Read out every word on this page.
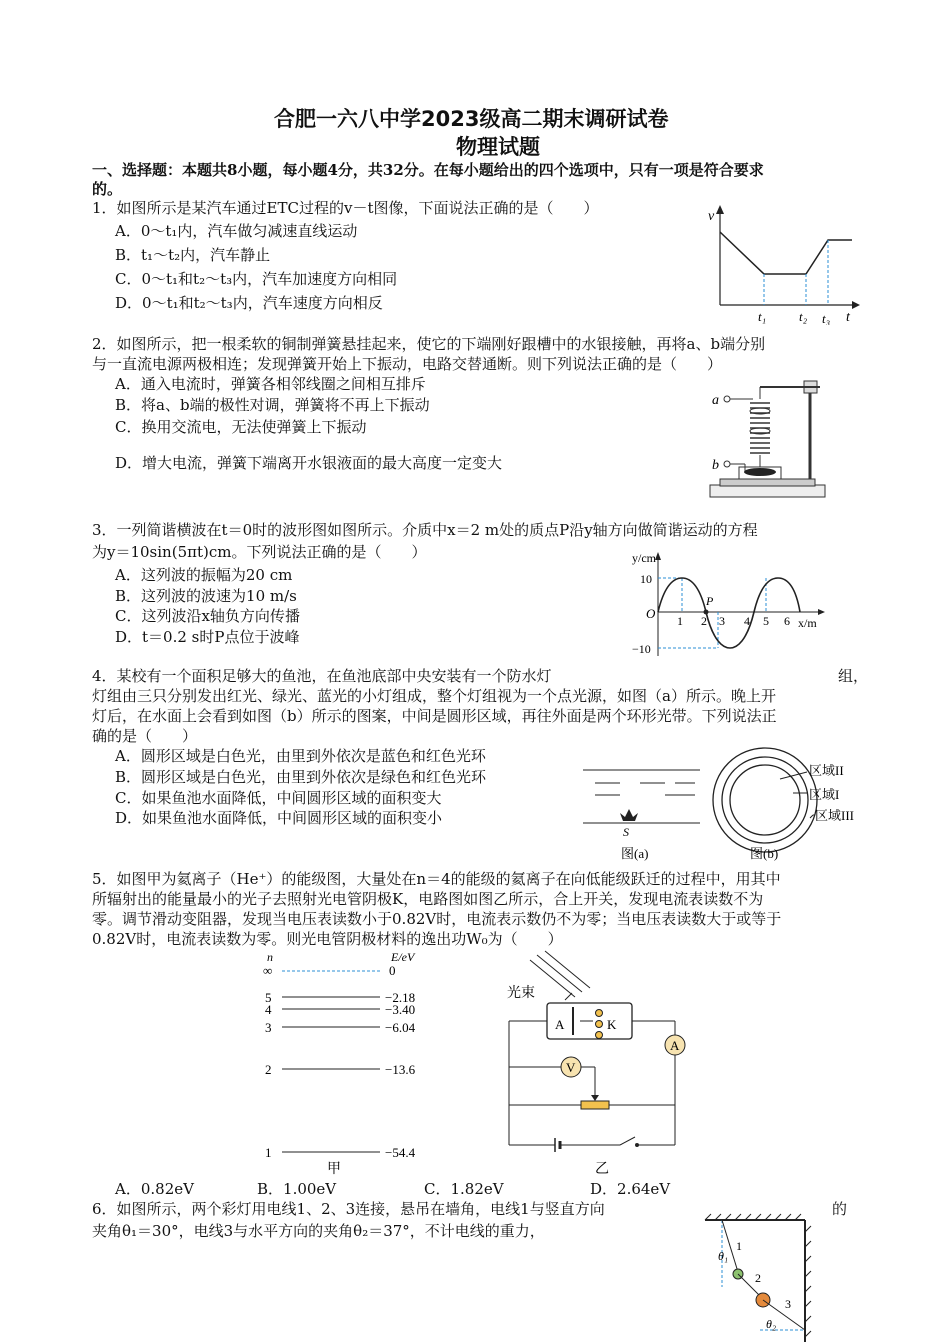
合肥一六八中学2023级高二期末调研试卷
物理试题
一、选择题：本题共8小题，每小题4分，共32分。在每小题给出的四个选项中，只有一项是符合要求
的。
1．如图所示是某汽车通过ETC过程的v－t图像，下面说法正确的是（　　）
A．0～t₁内，汽车做匀减速直线运动
B．t₁～t₂内，汽车静止
C．0～t₁和t₂～t₃内，汽车加速度方向相同
D．0～t₁和t₂～t₃内，汽车速度方向相反
v
t
t₁	t₂ t₃
2．如图所示，把一根柔软的铜制弹簧悬挂起来，使它的下端刚好跟槽中的水银接触，再将a、b端分别
与一直流电源两极相连；发现弹簧开始上下振动，电路交替通断。则下列说法正确的是（　　）
A．通入电流时，弹簧各相邻线圈之间相互排斥
B．将a、b端的极性对调，弹簧将不再上下振动
C．换用交流电，无法使弹簧上下振动
D．增大电流，弹簧下端离开水银液面的最大高度一定变大
a
b
3．一列简谐横波在t＝0时的波形图如图所示。介质中x＝2 m处的质点P沿y轴方向做简谐运动的方程
为y＝10sin(5πt)cm。下列说法正确的是（　　）
A．这列波的振幅为20 cm
B．这列波的波速为10 m/s
C．这列波沿x轴负方向传播
D．t＝0.2 s时P点位于波峰
y/cm
x/m
O
10
−10
P
1 2 3 4 5 6
4．某校有一个面积足够大的鱼池，在鱼池底部中央安装有一个防水灯	组，
灯组由三只分别发出红光、绿光、蓝光的小灯组成，整个灯组视为一个点光源，如图（a）所示。晚上开
灯后，在水面上会看到如图（b）所示的图案，中间是圆形区域，再往外面是两个环形光带。下列说法正
确的是（　　）
A．圆形区域是白色光，由里到外依次是蓝色和红色光环
B．圆形区域是白色光，由里到外依次是绿色和红色光环
C．如果鱼池水面降低，中间圆形区域的面积变大
D．如果鱼池水面降低，中间圆形区域的面积变小
S
图(a)	图(b)
区域II
区域I
区域III
5．如图甲为氦离子（He⁺）的能级图，大量处在n＝4的能级的氦离子在向低能级跃迁的过程中，用其中
所辐射出的能量最小的光子去照射光电管阴极K，电路图如图乙所示，合上开关，发现电流表读数不为
零。调节滑动变阻器，发现当电压表读数小于0.82V时，电流表示数仍不为零；当电压表读数大于或等于
0.82V时，电流表读数为零。则光电管阴极材料的逸出功W₀为（　　）
n	E/eV
∞	0
5	−2.18
4	−3.40
3	−6.04
2	−13.6
1	−54.4
甲
光束
A	K
A
V
乙
A．0.82eV	B．1.00eV	C．1.82eV	D．2.64eV
6．如图所示，两个彩灯用电线1、2、3连接，悬吊在墙角，电线1与竖直方向	的
夹角θ₁＝30°，电线3与水平方向的夹角θ₂＝37°，不计电线的重力，
θ₁
1
2
3
θ₂
